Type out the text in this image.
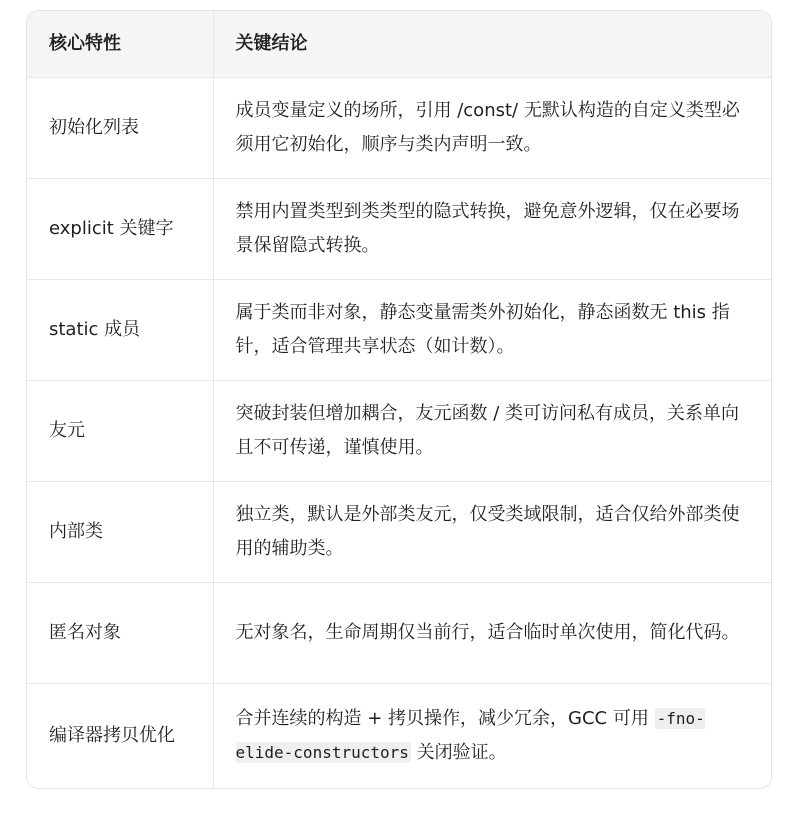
核心特性	关键结论
初始化列表	成员变量定义的场所，引用 /const/ 无默认构造的自定义类型必须用它初始化，顺序与类内声明一致。
explicit 关键字	禁用内置类型到类类型的隐式转换，避免意外逻辑，仅在必要场景保留隐式转换。
static 成员	属于类而非对象，静态变量需类外初始化，静态函数无 this 指针，适合管理共享状态（如计数）。
友元	突破封装但增加耦合，友元函数 / 类可访问私有成员，关系单向且不可传递，谨慎使用。
内部类	独立类，默认是外部类友元，仅受类域限制，适合仅给外部类使用的辅助类。
匿名对象	无对象名，生命周期仅当前行，适合临时单次使用，简化代码。
编译器拷贝优化	合并连续的构造 + 拷贝操作，减少冗余，GCC 可用 -fno-elide-constructors 关闭验证。
